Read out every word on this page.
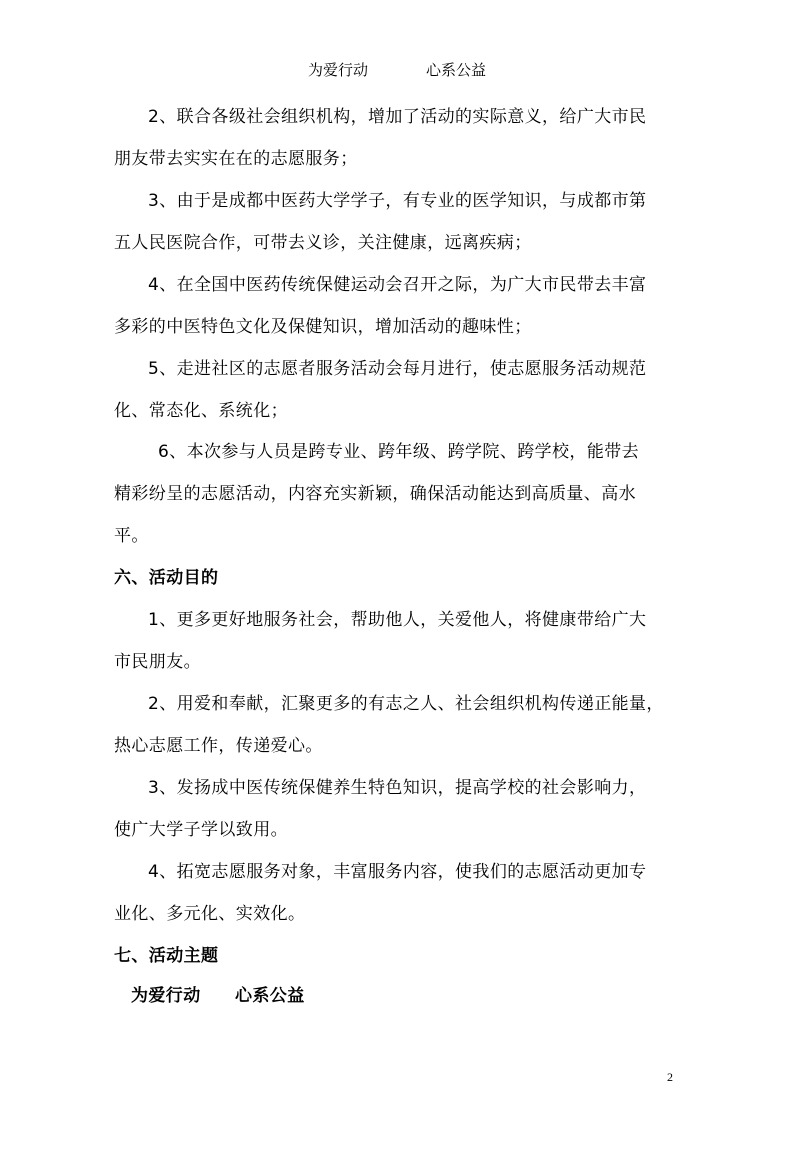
为爱行动	心系公益
2、联合各级社会组织机构，增加了活动的实际意义，给广大市民
朋友带去实实在在的志愿服务；
3、由于是成都中医药大学学子，有专业的医学知识，与成都市第
五人民医院合作，可带去义诊，关注健康，远离疾病；
4、在全国中医药传统保健运动会召开之际，为广大市民带去丰富
多彩的中医特色文化及保健知识，增加活动的趣味性；
5、走进社区的志愿者服务活动会每月进行，使志愿服务活动规范
化、常态化、系统化；
6、本次参与人员是跨专业、跨年级、跨学院、跨学校，能带去
精彩纷呈的志愿活动，内容充实新颖，确保活动能达到高质量、高水
平。
六、活动目的
1、更多更好地服务社会，帮助他人，关爱他人，将健康带给广大
市民朋友。
2、用爱和奉献，汇聚更多的有志之人、社会组织机构传递正能量，
热心志愿工作，传递爱心。
3、发扬成中医传统保健养生特色知识，提高学校的社会影响力，
使广大学子学以致用。
4、拓宽志愿服务对象，丰富服务内容，使我们的志愿活动更加专
业化、多元化、实效化。
七、活动主题
为爱行动 心系公益
2
